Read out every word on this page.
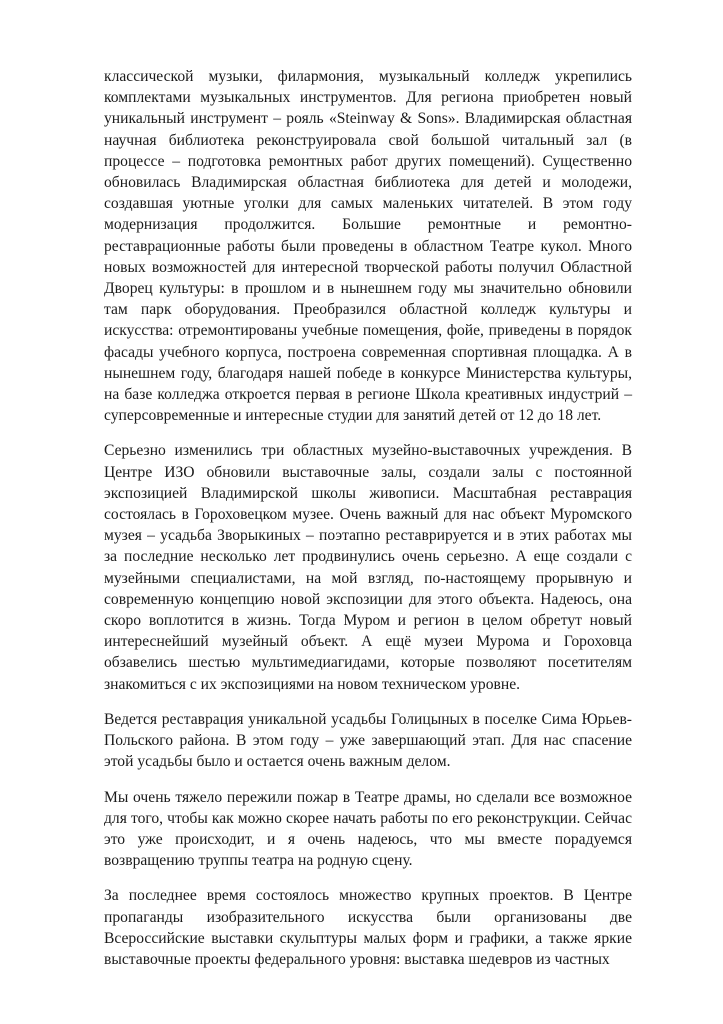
классической музыки, филармония, музыкальный колледж укрепились комплектами музыкальных инструментов. Для региона приобретен новый уникальный инструмент – рояль «Steinway & Sons». Владимирская областная научная библиотека реконструировала свой большой читальный зал (в процессе – подготовка ремонтных работ других помещений). Существенно обновилась Владимирская областная библиотека для детей и молодежи, создавшая уютные уголки для самых маленьких читателей. В этом году модернизация продолжится. Большие ремонтные и ремонтно-реставрационные работы были проведены в областном Театре кукол. Много новых возможностей для интересной творческой работы получил Областной Дворец культуры: в прошлом и в нынешнем году мы значительно обновили там парк оборудования. Преобразился областной колледж культуры и искусства: отремонтированы учебные помещения, фойе, приведены в порядок фасады учебного корпуса, построена современная спортивная площадка. А в нынешнем году, благодаря нашей победе в конкурсе Министерства культуры, на базе колледжа откроется первая в регионе Школа креативных индустрий – суперсовременные и интересные студии для занятий детей от 12 до 18 лет.

Серьезно изменились три областных музейно-выставочных учреждения. В Центре ИЗО обновили выставочные залы, создали залы с постоянной экспозицией Владимирской школы живописи. Масштабная реставрация состоялась в Гороховецком музее. Очень важный для нас объект Муромского музея – усадьба Зворыкиных – поэтапно реставрируется и в этих работах мы за последние несколько лет продвинулись очень серьезно. А еще создали с музейными специалистами, на мой взгляд, по-настоящему прорывную и современную концепцию новой экспозиции для этого объекта. Надеюсь, она скоро воплотится в жизнь. Тогда Муром и регион в целом обретут новый интереснейший музейный объект. А ещё музеи Мурома и Гороховца обзавелись шестью мультимедиагидами, которые позволяют посетителям знакомиться с их экспозициями на новом техническом уровне.

Ведется реставрация уникальной усадьбы Голицыных в поселке Сима Юрьев-Польского района. В этом году – уже завершающий этап. Для нас спасение этой усадьбы было и остается очень важным делом.

Мы очень тяжело пережили пожар в Театре драмы, но сделали все возможное для того, чтобы как можно скорее начать работы по его реконструкции. Сейчас это уже происходит, и я очень надеюсь, что мы вместе порадуемся возвращению труппы театра на родную сцену.

За последнее время состоялось множество крупных проектов. В Центре пропаганды изобразительного искусства были организованы две Всероссийские выставки скульптуры малых форм и графики, а также яркие выставочные проекты федерального уровня: выставка шедевров из частных
